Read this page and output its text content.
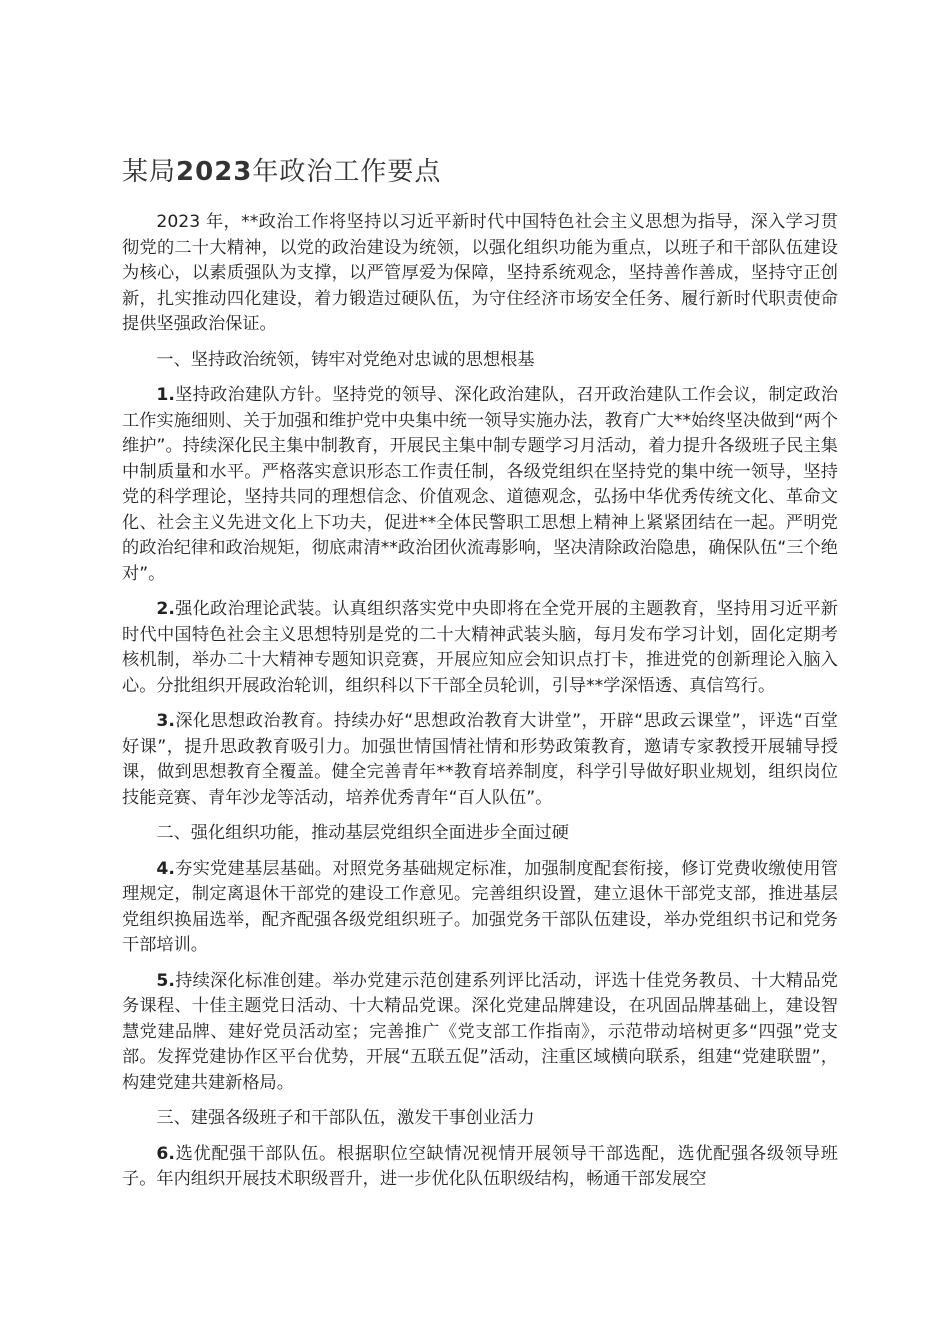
某局2023年政治工作要点

2023 年，**政治工作将坚持以习近平新时代中国特色社会主义思想为指导，深入学习贯彻党的二十大精神，以党的政治建设为统领，以强化组织功能为重点，以班子和干部队伍建设为核心，以素质强队为支撑，以严管厚爱为保障，坚持系统观念，坚持善作善成，坚持守正创新，扎实推动四化建设，着力锻造过硬队伍，为守住经济市场安全任务、履行新时代职责使命提供坚强政治保证。

一、坚持政治统领，铸牢对党绝对忠诚的思想根基

1.坚持政治建队方针。坚持党的领导、深化政治建队，召开政治建队工作会议，制定政治工作实施细则、关于加强和维护党中央集中统一领导实施办法，教育广大**始终坚决做到“两个维护”。持续深化民主集中制教育，开展民主集中制专题学习月活动，着力提升各级班子民主集中制质量和水平。严格落实意识形态工作责任制，各级党组织在坚持党的集中统一领导，坚持党的科学理论，坚持共同的理想信念、价值观念、道德观念，弘扬中华优秀传统文化、革命文化、社会主义先进文化上下功夫，促进**全体民警职工思想上精神上紧紧团结在一起。严明党的政治纪律和政治规矩，彻底肃清**政治团伙流毒影响，坚决清除政治隐患，确保队伍“三个绝对”。

2.强化政治理论武装。认真组织落实党中央即将在全党开展的主题教育，坚持用习近平新时代中国特色社会主义思想特别是党的二十大精神武装头脑，每月发布学习计划，固化定期考核机制，举办二十大精神专题知识竞赛，开展应知应会知识点打卡，推进党的创新理论入脑入心。分批组织开展政治轮训，组织科以下干部全员轮训，引导**学深悟透、真信笃行。

3.深化思想政治教育。持续办好“思想政治教育大讲堂”，开辟“思政云课堂”，评选“百堂好课”，提升思政教育吸引力。加强世情国情社情和形势政策教育，邀请专家教授开展辅导授课，做到思想教育全覆盖。健全完善青年**教育培养制度，科学引导做好职业规划，组织岗位技能竞赛、青年沙龙等活动，培养优秀青年“百人队伍”。

二、强化组织功能，推动基层党组织全面进步全面过硬

4.夯实党建基层基础。对照党务基础规定标准，加强制度配套衔接，修订党费收缴使用管理规定，制定离退休干部党的建设工作意见。完善组织设置，建立退休干部党支部，推进基层党组织换届选举，配齐配强各级党组织班子。加强党务干部队伍建设，举办党组织书记和党务干部培训。

5.持续深化标准创建。举办党建示范创建系列评比活动，评选十佳党务教员、十大精品党务课程、十佳主题党日活动、十大精品党课。深化党建品牌建设，在巩固品牌基础上，建设智慧党建品牌、建好党员活动室；完善推广《党支部工作指南》，示范带动培树更多“四强”党支部。发挥党建协作区平台优势，开展“五联五促”活动，注重区域横向联系，组建“党建联盟”，构建党建共建新格局。

三、建强各级班子和干部队伍，激发干事创业活力

6.选优配强干部队伍。根据职位空缺情况视情开展领导干部选配，选优配强各级领导班子。年内组织开展技术职级晋升，进一步优化队伍职级结构，畅通干部发展空
